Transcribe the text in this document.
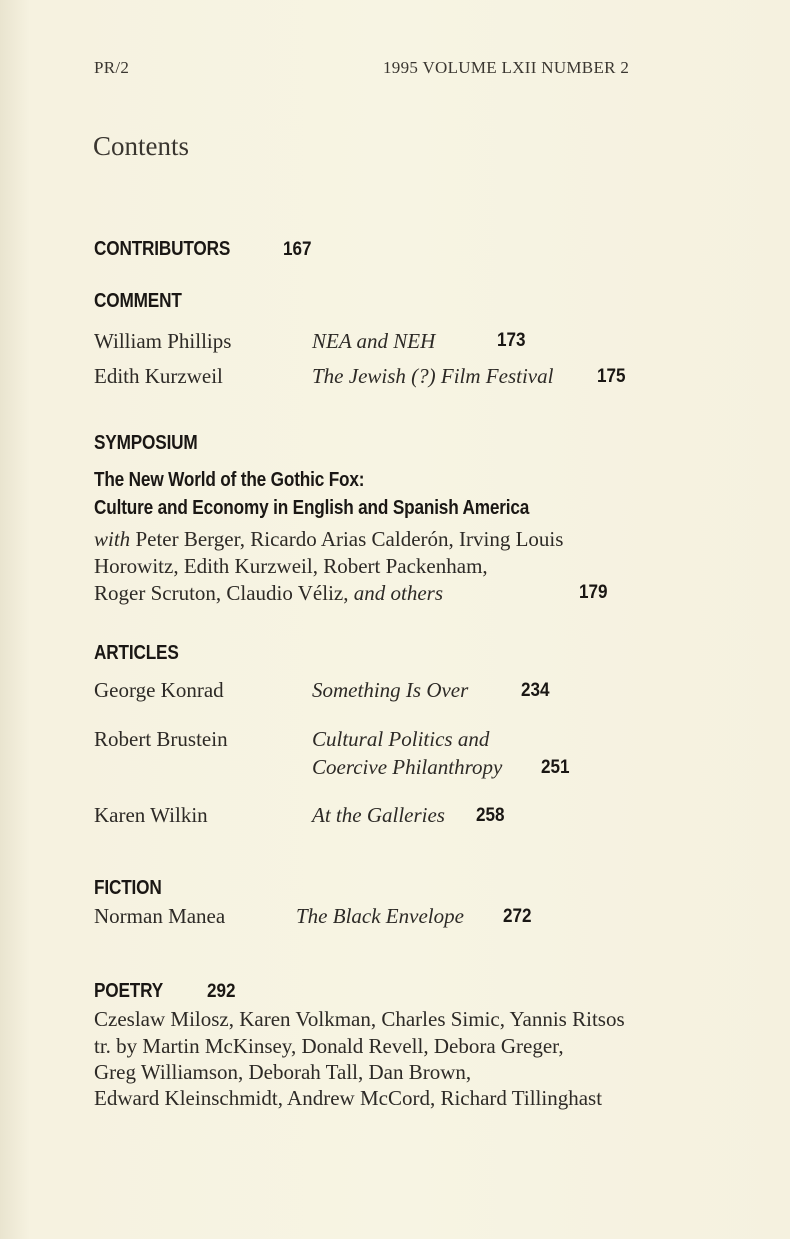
PR/2	1995 VOLUME LXII NUMBER 2
Contents
CONTRIBUTORS	167
COMMENT
William Phillips	NEA and NEH	173
Edith Kurzweil	The Jewish (?) Film Festival 175
SYMPOSIUM
The New World of the Gothic Fox:
Culture and Economy in English and Spanish America
with Peter Berger, Ricardo Arias Calderón, Irving Louis
Horowitz, Edith Kurzweil, Robert Packenham,
Roger Scruton, Claudio Véliz, and others	179
ARTICLES
George Konrad	Something Is Over	234
Robert Brustein	Cultural Politics and
Coercive Philanthropy 251
Karen Wilkin	At the Galleries 258
FICTION
Norman Manea	The Black Envelope 272
POETRY 292
Czeslaw Milosz, Karen Volkman, Charles Simic, Yannis Ritsos
tr. by Martin McKinsey, Donald Revell, Debora Greger,
Greg Williamson, Deborah Tall, Dan Brown,
Edward Kleinschmidt, Andrew McCord, Richard Tillinghast
